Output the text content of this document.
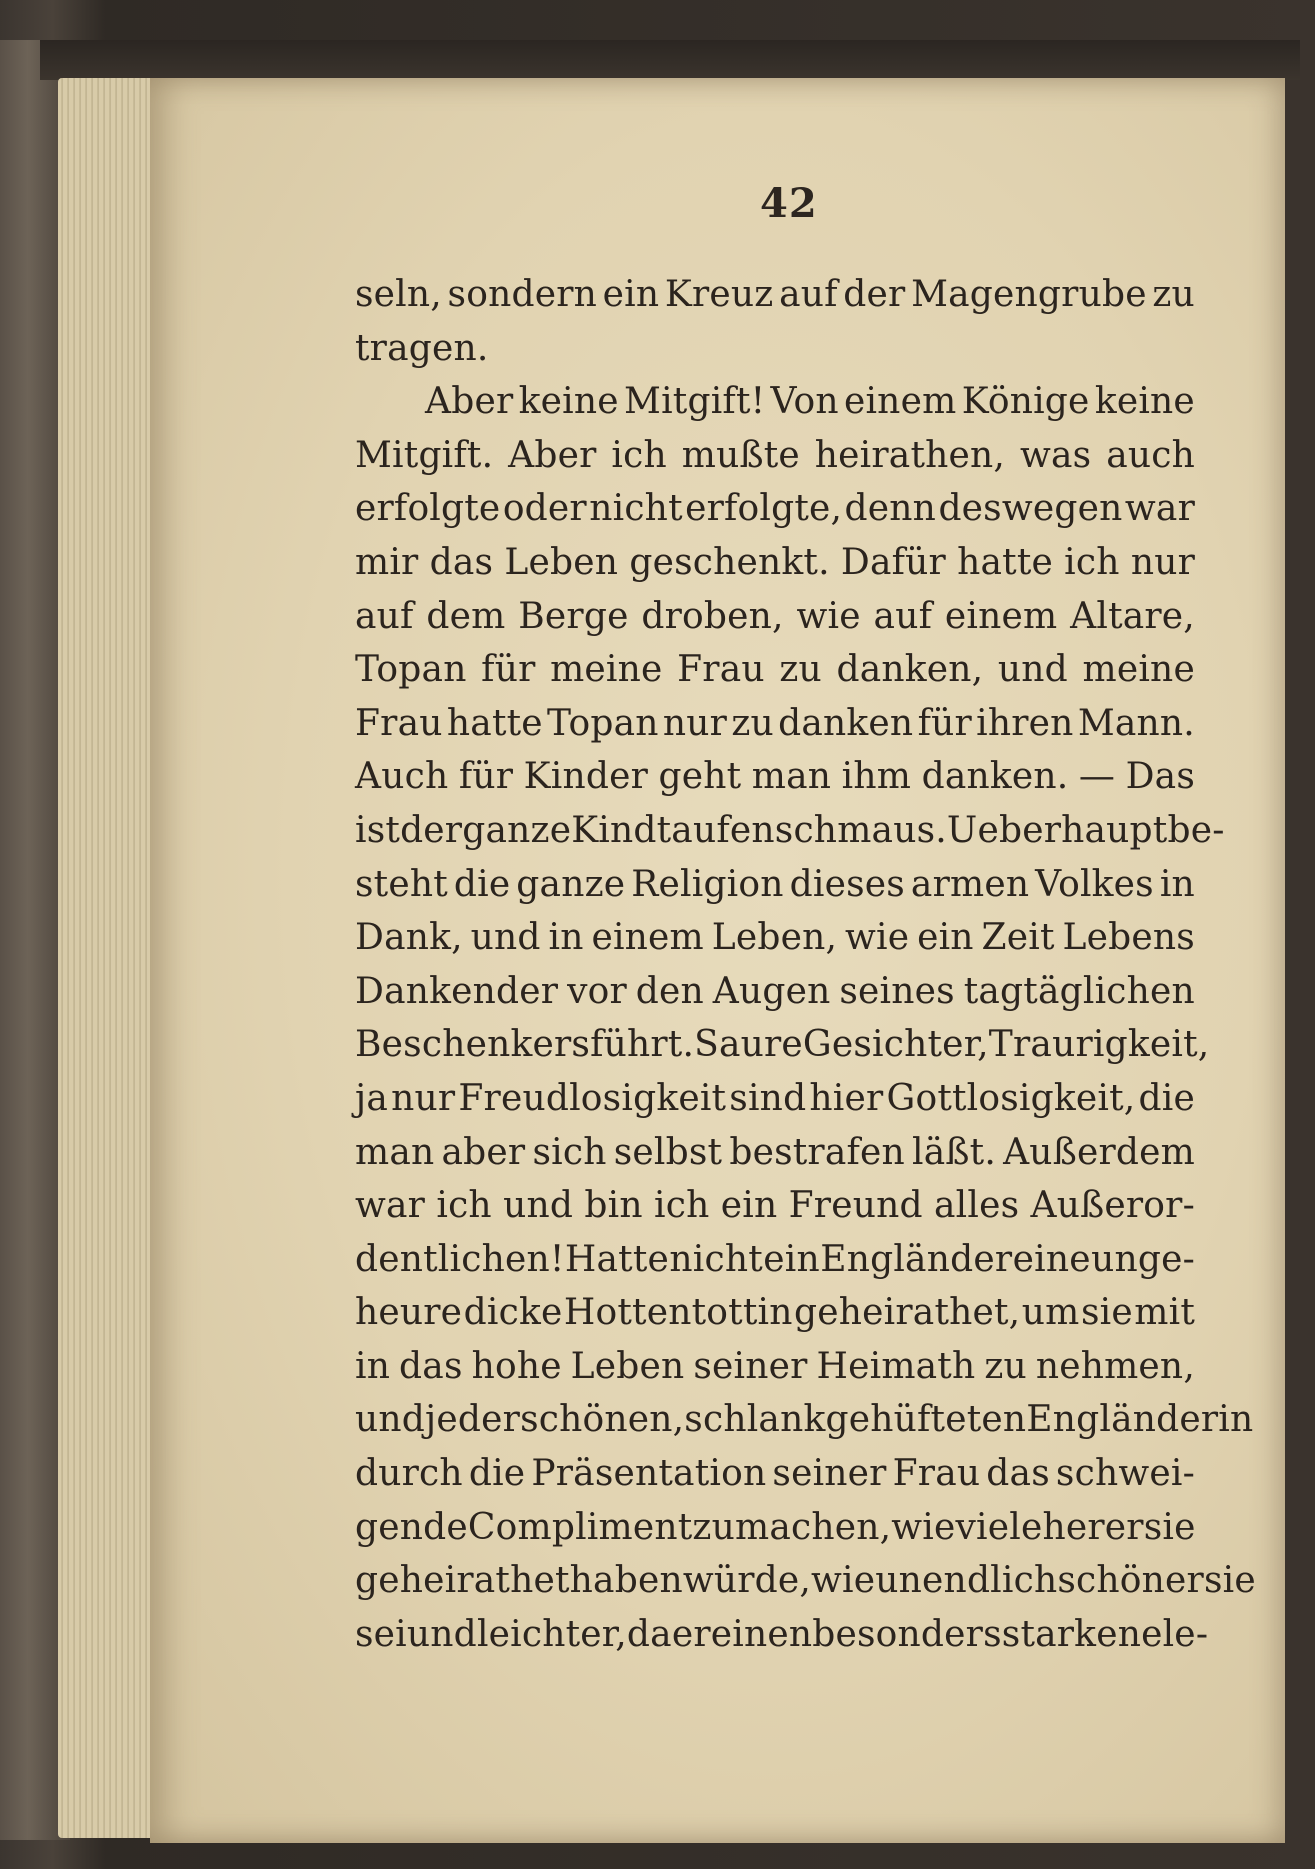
42
seln, sondern ein Kreuz auf der Magengrube zu
tragen.
Aber keine Mitgift! Von einem Könige keine
Mitgift. Aber ich mußte heirathen, was auch
erfolgte oder nicht erfolgte, denn deswegen war
mir das Leben geschenkt. Dafür hatte ich nur
auf dem Berge droben, wie auf einem Altare,
Topan für meine Frau zu danken, und meine
Frau hatte Topan nur zu danken für ihren Mann.
Auch für Kinder geht man ihm danken. — Das
ist der ganze Kindtaufenschmaus. Ueberhaupt be-
steht die ganze Religion dieses armen Volkes in
Dank, und in einem Leben, wie ein Zeit Lebens
Dankender vor den Augen seines tagtäglichen
Beschenkers führt. Saure Gesichter, Traurigkeit,
ja nur Freudlosigkeit sind hier Gottlosigkeit, die
man aber sich selbst bestrafen läßt. Außerdem
war ich und bin ich ein Freund alles Außeror-
dentlichen! Hatte nicht ein Engländer eine unge-
heure dicke Hottentottin geheirathet, um sie mit
in das hohe Leben seiner Heimath zu nehmen,
und jeder schönen, schlankgehüfteten Engländerin
durch die Präsentation seiner Frau das schwei-
gende Compliment zu machen, wieviel eher er sie
geheirathet haben würde, wie unendlich schöner sie
sei und leichter, da er einen besonders starken ele-
